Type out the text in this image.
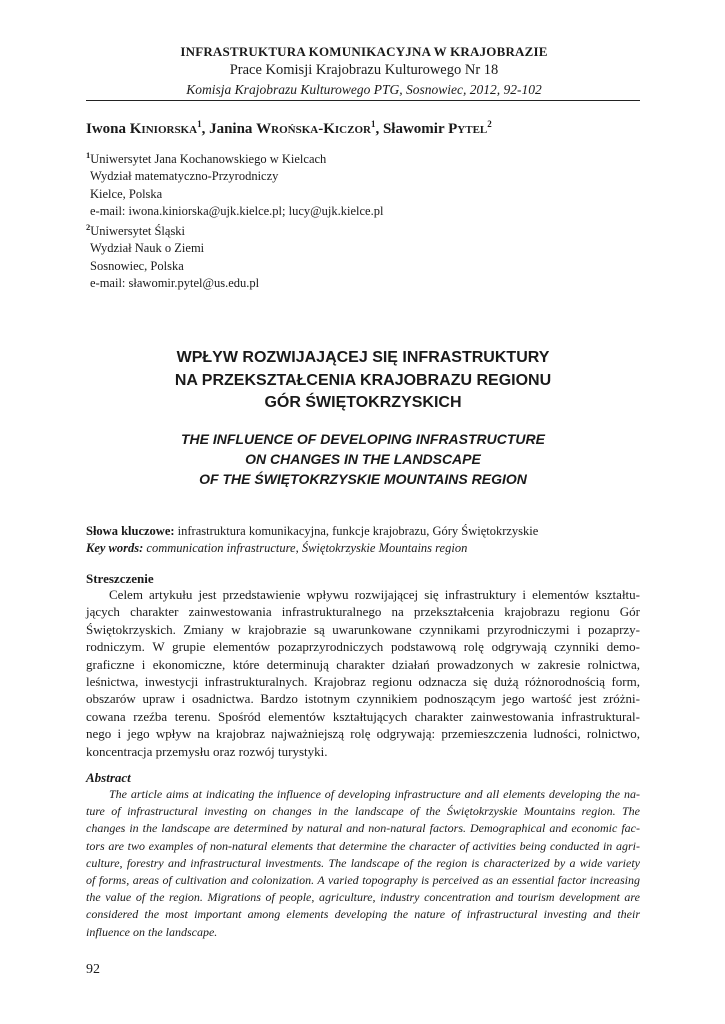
INFRASTRUKTURA KOMUNIKACYJNA W KRAJOBRAZIE
Prace Komisji Krajobrazu Kulturowego Nr 18
Komisja Krajobrazu Kulturowego PTG, Sosnowiec, 2012, 92-102
Iwona Kiniorska$^1$, Janina Wrońska-Kiczor$^1$, Sławomir Pytel$^2$
$^1$Uniwersytet Jana Kochanowskiego w Kielcach
Wydział matematyczno-Przyrodniczy
Kielce, Polska
e-mail: iwona.kiniorska@ujk.kielce.pl; lucy@ujk.kielce.pl
$^2$Uniwersytet Śląski
Wydział Nauk o Ziemi
Sosnowiec, Polska
e-mail: sławomir.pytel@us.edu.pl
WPŁYW ROZWIJAJĄCEJ SIĘ INFRASTRUKTURY
NA PRZEKSZTAŁCENIA KRAJOBRAZU REGIONU
GÓR ŚWIĘTOKRZYSKICH
THE INFLUENCE OF DEVELOPING INFRASTRUCTURE
ON CHANGES IN THE LANDSCAPE
OF THE ŚWIĘTOKRZYSKIE MOUNTAINS REGION
Słowa kluczowe: infrastruktura komunikacyjna, funkcje krajobrazu, Góry Świętokrzyskie
Key words: communication infrastructure, Świętokrzyskie Mountains region
Streszczenie
Celem artykułu jest przedstawienie wpływu rozwijającej się infrastruktury i elementów kształtu-
jących charakter zainwestowania infrastrukturalnego na przekształcenia krajobrazu regionu Gór
Świętokrzyskich. Zmiany w krajobrazie są uwarunkowane czynnikami przyrodniczymi i pozaprzy-
rodniczym. W grupie elementów pozaprzyrodniczych podstawową rolę odgrywają czynniki demo-
graficzne i ekonomiczne, które determinują charakter działań prowadzonych w zakresie rolnictwa,
leśnictwa, inwestycji infrastrukturalnych. Krajobraz regionu odznacza się dużą różnorodnością form,
obszarów upraw i osadnictwa. Bardzo istotnym czynnikiem podnoszącym jego wartość jest zróżni-
cowana rzeźba terenu. Spośród elementów kształtujących charakter zainwestowania infrastruktural-
nego i jego wpływ na krajobraz najważniejszą rolę odgrywają: przemieszczenia ludności, rolnictwo,
koncentracja przemysłu oraz rozwój turystyki.
Abstract
The article aims at indicating the influence of developing infrastructure and all elements developing the na-
ture of infrastructural investing on changes in the landscape of the Świętokrzyskie Mountains region. The
changes in the landscape are determined by natural and non-natural factors. Demographical and economic fac-
tors are two examples of non-natural elements that determine the character of activities being conducted in agri-
culture, forestry and infrastructural investments. The landscape of the region is characterized by a wide variety
of forms, areas of cultivation and colonization. A varied topography is perceived as an essential factor increasing
the value of the region. Migrations of people, agriculture, industry concentration and tourism development are
considered the most important among elements developing the nature of infrastructural investing and their
influence on the landscape.
92
